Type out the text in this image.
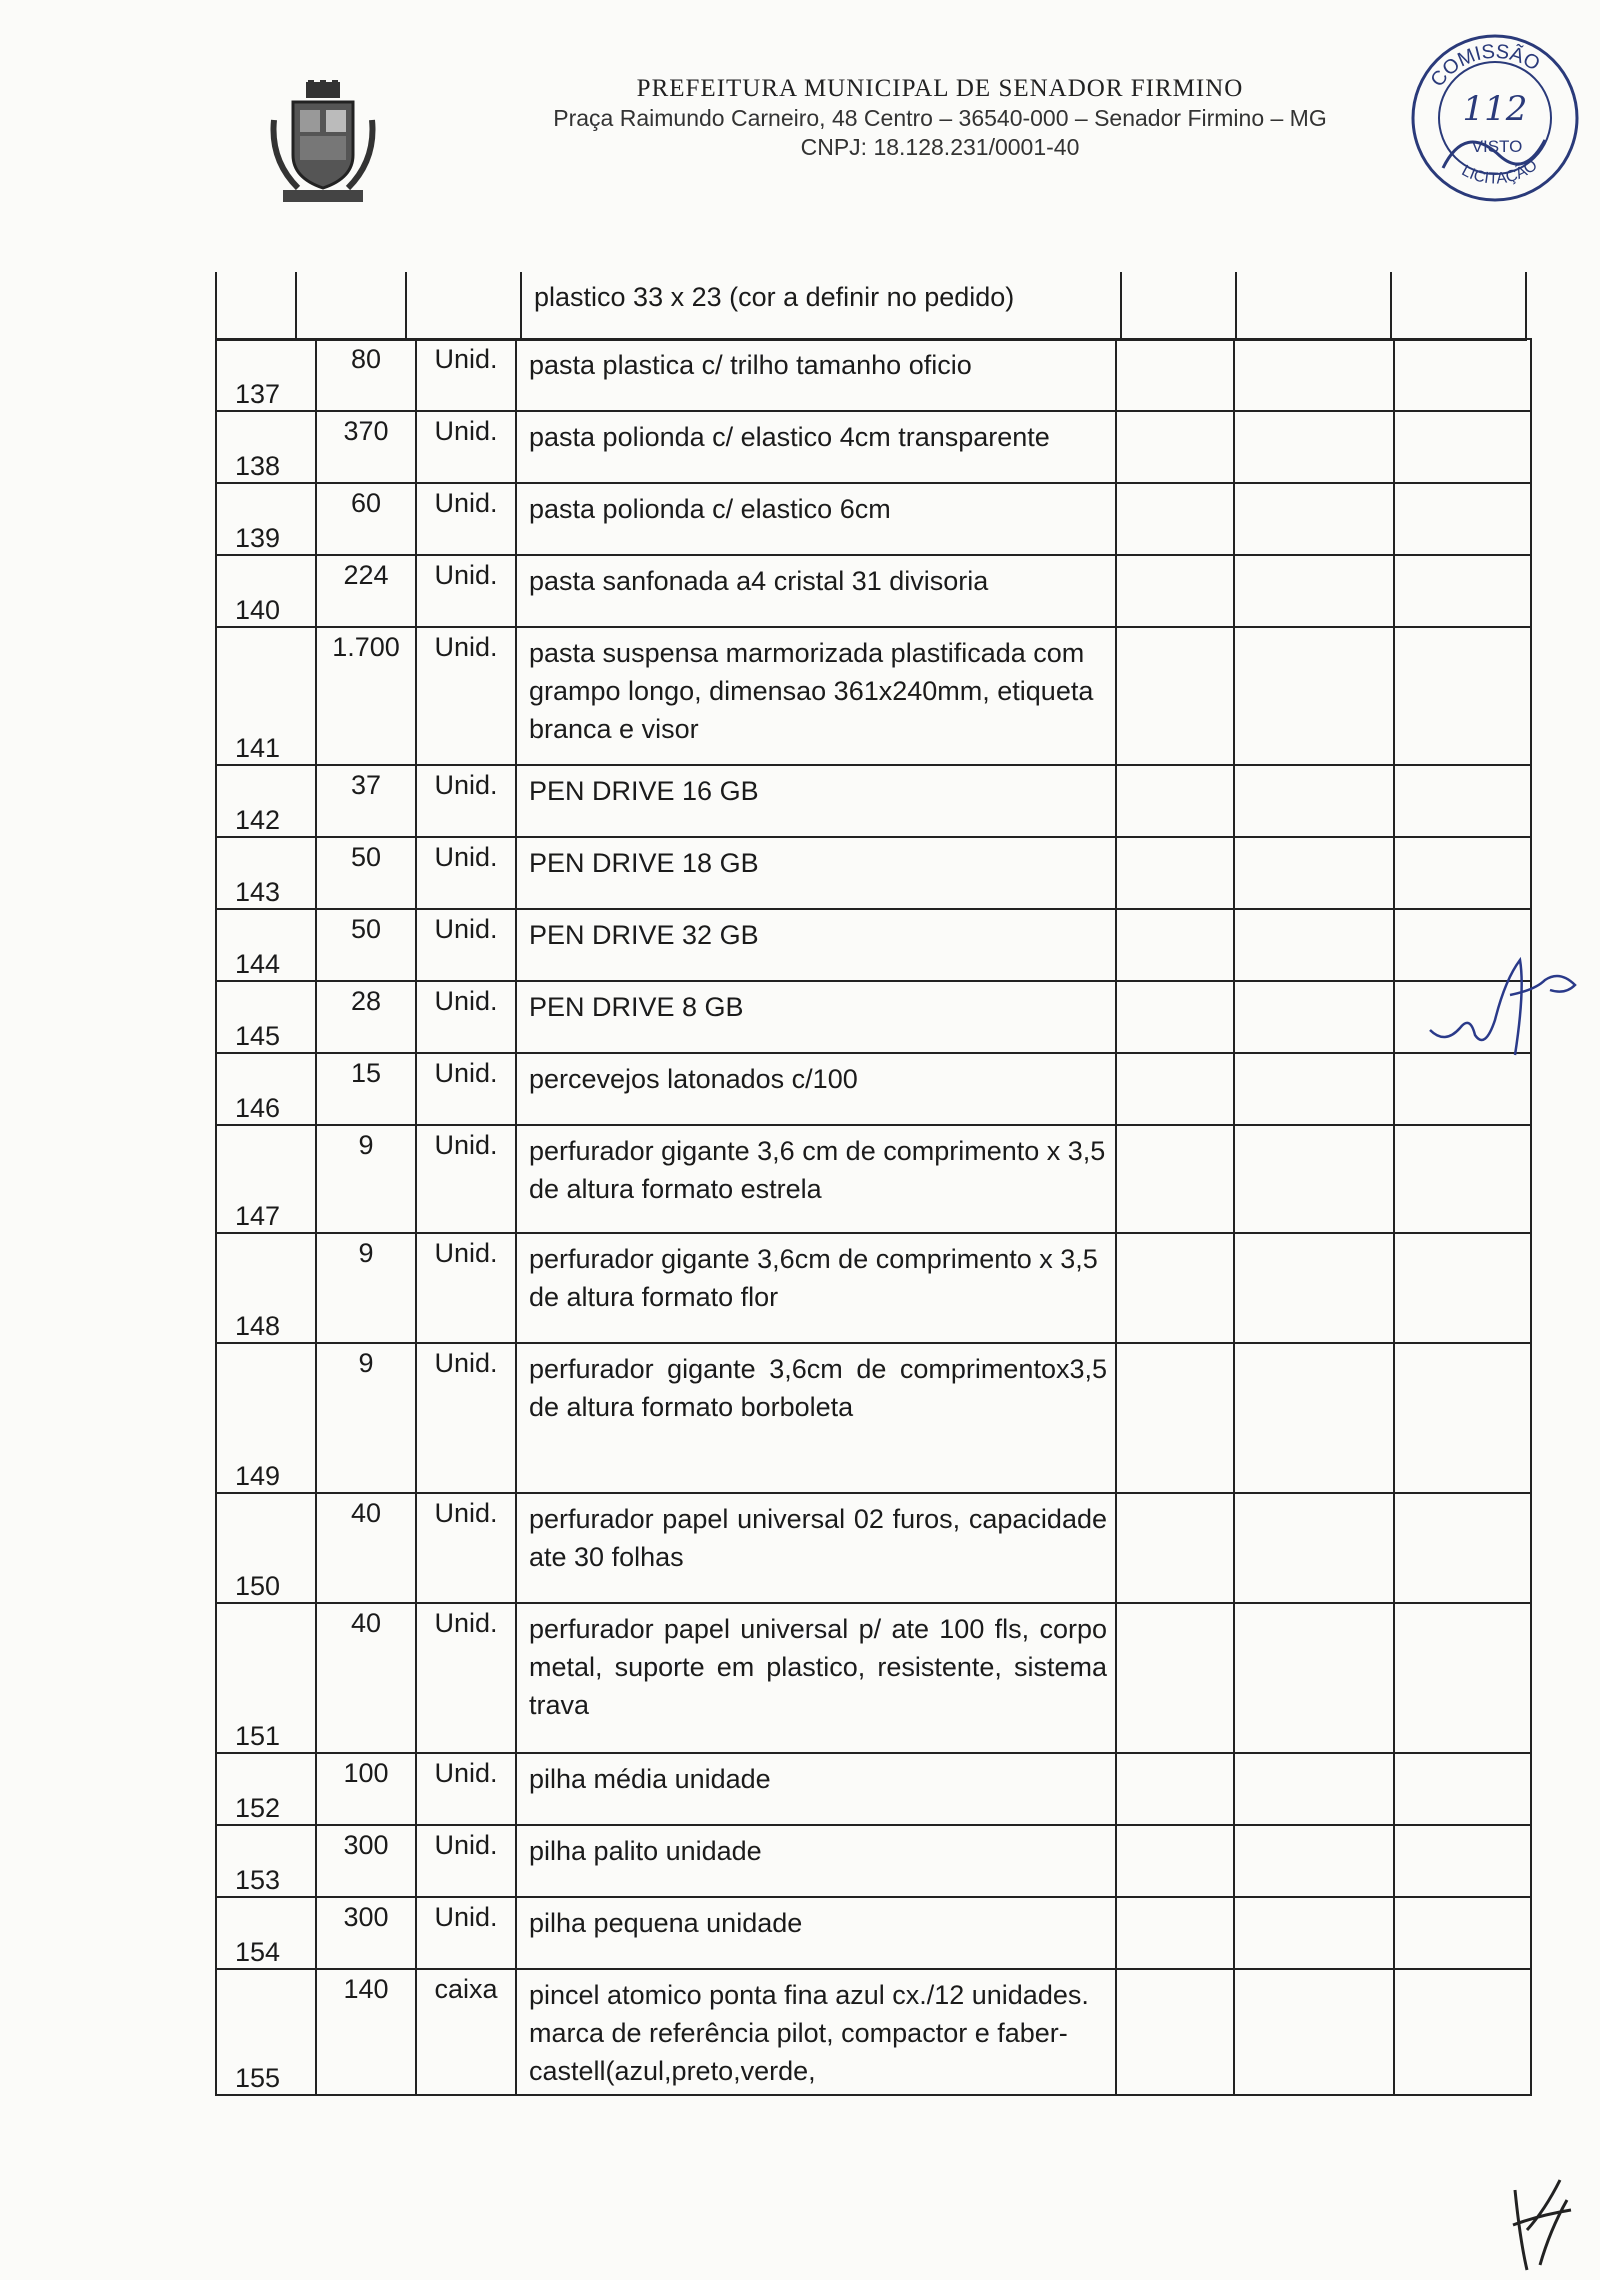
PREFEITURA MUNICIPAL DE SENADOR FIRMINO
Praça Raimundo Carneiro, 48 Centro – 36540-000 – Senador Firmino – MG
CNPJ: 18.128.231/0001-40
COMISSÃO
LICITAÇÃO
112
VISTO
			plastico 33 x 23 (cor a definir no pedido)			
137	80	Unid.	pasta plastica c/ trilho tamanho oficio			

138	370	Unid.	pasta polionda c/ elastico 4cm transparente			

139	60	Unid.	pasta polionda c/ elastico 6cm			

140	224	Unid.	pasta sanfonada a4 cristal 31 divisoria			

141	1.700	Unid.	pasta suspensa marmorizada plastificada com grampo longo, dimensao 361x240mm, etiqueta branca e visor			

142	37	Unid.	PEN DRIVE 16 GB			

143	50	Unid.	PEN DRIVE 18 GB			

144	50	Unid.	PEN DRIVE 32 GB			

145	28	Unid.	PEN DRIVE 8 GB			

146	15	Unid.	percevejos latonados c/100			

147	9	Unid.	perfurador gigante 3,6 cm de comprimento x 3,5 de altura formato estrela			

148	9	Unid.	perfurador gigante 3,6cm de comprimento x 3,5 de altura formato flor			

149	9	Unid.	perfurador gigante 3,6cm de comprimentox3,5 de altura formato borboleta			

150	40	Unid.	perfurador papel universal 02 furos, capacidade ate 30 folhas			

151	40	Unid.	perfurador papel universal p/ ate 100 fls, corpo metal, suporte em plastico, resistente, sistema trava			

152	100	Unid.	pilha média unidade			

153	300	Unid.	pilha palito unidade			

154	300	Unid.	pilha pequena unidade			

155	140	caixa	pincel atomico ponta fina azul cx./12 unidades. marca de referência pilot, compactor e faber-castell(azul,preto,verde,			
